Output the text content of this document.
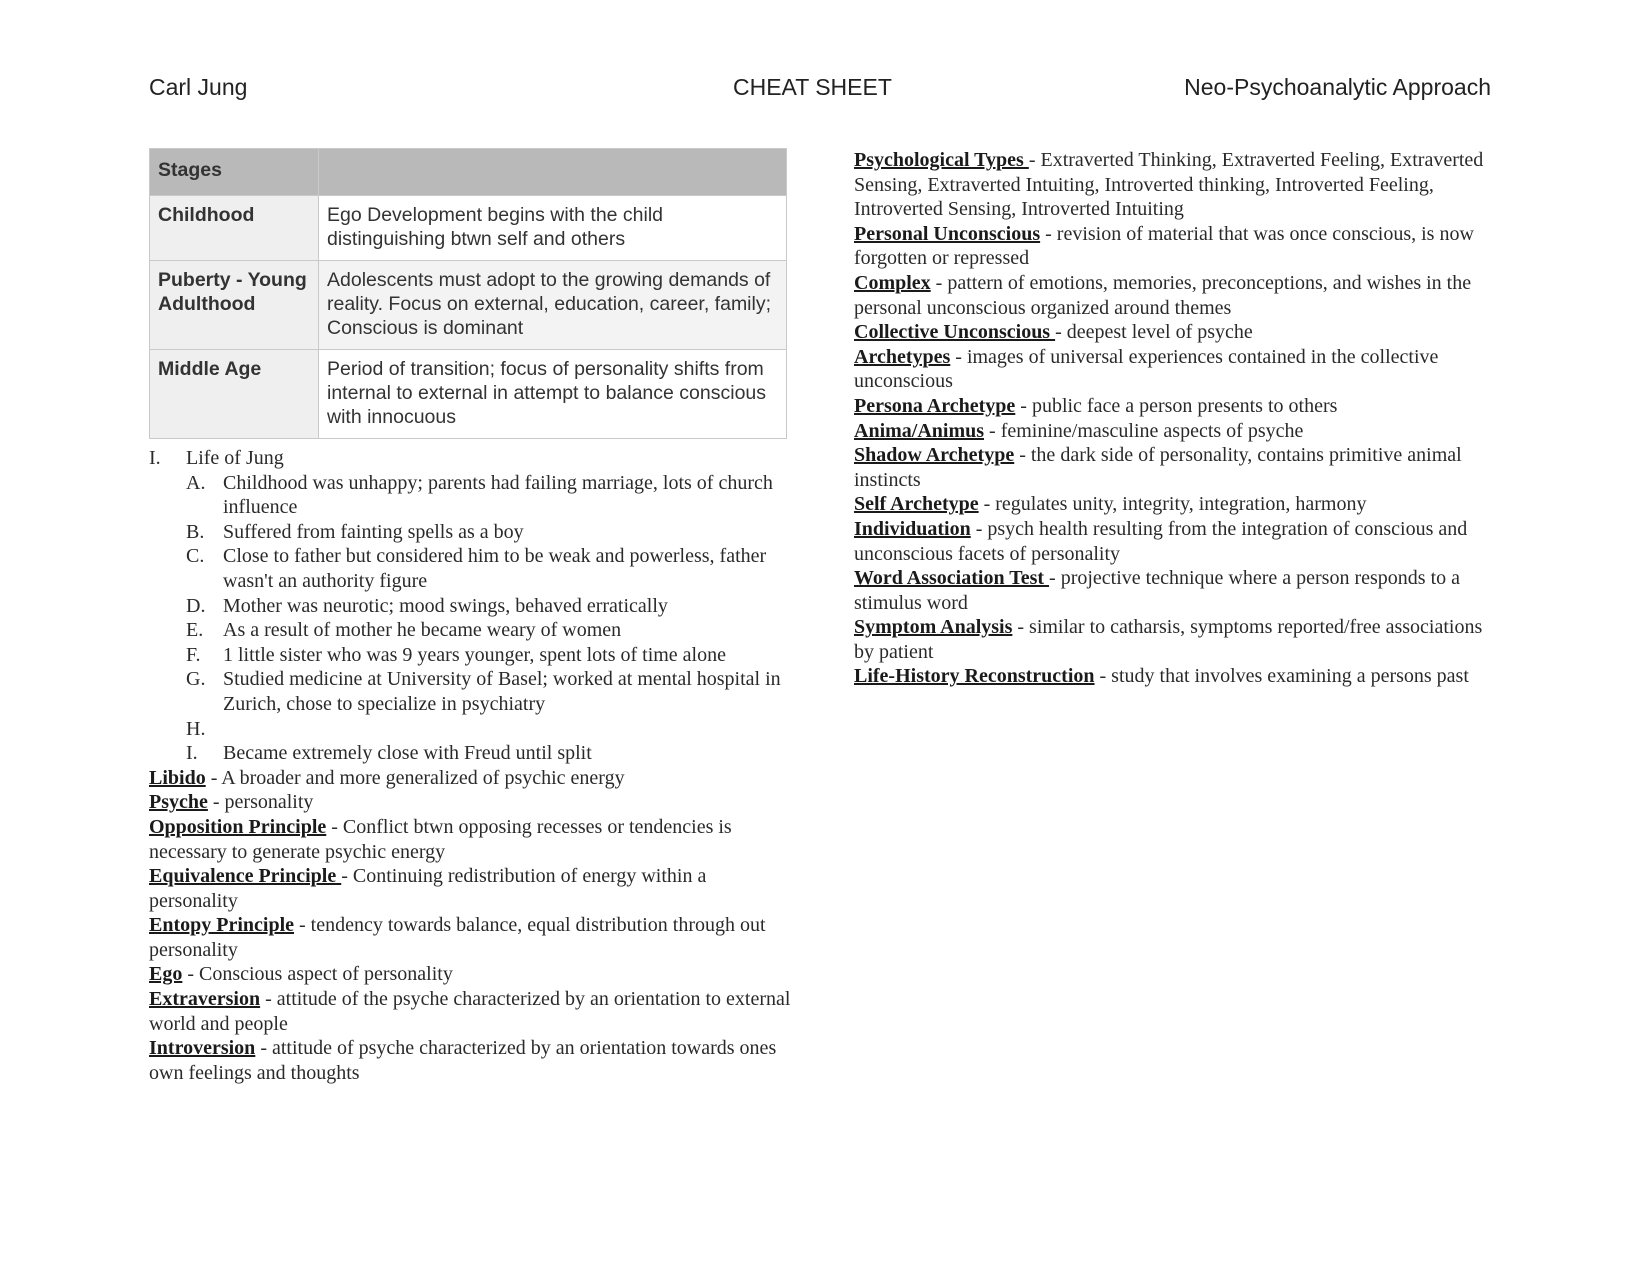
Carl Jung	CHEAT SHEET	Neo-Psychoanalytic Approach
Stages	
Childhood	Ego Development begins with the child distinguishing btwn self and others
Puberty - Young Adulthood	Adolescents must adopt to the growing demands of reality. Focus on external, education, career, family; Conscious is dominant
Middle Age	Period of transition; focus of personality shifts from internal to external in attempt to balance conscious with innocuous
I.	Life of Jung
A. Childhood was unhappy; parents had failing marriage, lots of church influence
B. Suffered from fainting spells as a boy
C. Close to father but considered him to be weak and powerless, father wasn't an authority figure
D. Mother was neurotic; mood swings, behaved erratically
E. As a result of mother he became weary of women
F.	1 little sister who was 9 years younger, spent lots of time alone
G. Studied medicine at University of Basel; worked at mental hospital in Zurich, chose to specialize in psychiatry
H.
I.	Became extremely close with Freud until split
Libido - A broader and more generalized of psychic energy
Psyche - personality
Opposition Principle - Conflict btwn opposing recesses or tendencies is necessary to generate psychic energy
Equivalence Principle - Continuing redistribution of energy within a personality
Entopy Principle - tendency towards balance, equal distribution through out personality
Ego - Conscious aspect of personality
Extraversion - attitude of the psyche characterized by an orientation to external world and people
Introversion - attitude of psyche characterized by an orientation towards ones own feelings and thoughts
Psychological Types - Extraverted Thinking, Extraverted Feeling, Extraverted Sensing, Extraverted Intuiting, Introverted thinking, Introverted Feeling, Introverted Sensing, Introverted Intuiting
Personal Unconscious - revision of material that was once conscious, is now forgotten or repressed
Complex - pattern of emotions, memories, preconceptions, and wishes in the personal unconscious organized around themes
Collective Unconscious - deepest level of psyche
Archetypes - images of universal experiences contained in the collective unconscious
Persona Archetype - public face a person presents to others
Anima/Animus - feminine/masculine aspects of psyche
Shadow Archetype - the dark side of personality, contains primitive animal instincts
Self Archetype - regulates unity, integrity, integration, harmony
Individuation - psych health resulting from the integration of conscious and unconscious facets of personality
Word Association Test - projective technique where a person responds to a stimulus word
Symptom Analysis - similar to catharsis, symptoms reported/free associations by patient
Life-History Reconstruction - study that involves examining a persons past
